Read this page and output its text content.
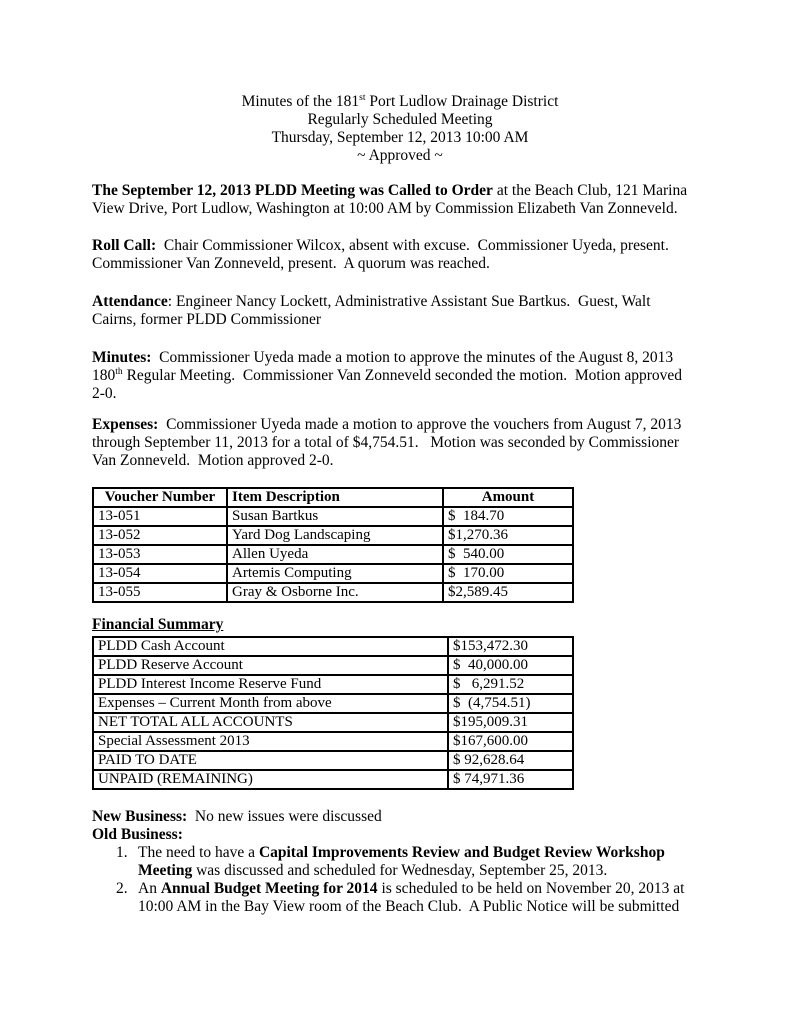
Minutes of the 181st Port Ludlow Drainage District
Regularly Scheduled Meeting
Thursday, September 12, 2013 10:00 AM
~ Approved ~
The September 12, 2013 PLDD Meeting was Called to Order at the Beach Club, 121 Marina
View Drive, Port Ludlow, Washington at 10:00 AM by Commission Elizabeth Van Zonneveld.
Roll Call:  Chair Commissioner Wilcox, absent with excuse.  Commissioner Uyeda, present.
Commissioner Van Zonneveld, present.  A quorum was reached.
Attendance: Engineer Nancy Lockett, Administrative Assistant Sue Bartkus.  Guest, Walt
Cairns, former PLDD Commissioner
Minutes:  Commissioner Uyeda made a motion to approve the minutes of the August 8, 2013
180th Regular Meeting.  Commissioner Van Zonneveld seconded the motion.  Motion approved
2-0.
Expenses:  Commissioner Uyeda made a motion to approve the vouchers from August 7, 2013
through September 11, 2013 for a total of $4,754.51.   Motion was seconded by Commissioner
Van Zonneveld.  Motion approved 2-0.
Voucher Number	Item Description	Amount
13-051	Susan Bartkus	$  184.70
13-052	Yard Dog Landscaping	$1,270.36
13-053	Allen Uyeda	$  540.00
13-054	Artemis Computing	$  170.00
13-055	Gray & Osborne Inc.	$2,589.45
Financial Summary
PLDD Cash Account	$153,472.30
PLDD Reserve Account	$  40,000.00
PLDD Interest Income Reserve Fund	$   6,291.52
Expenses – Current Month from above	$  (4,754.51)
NET TOTAL ALL ACCOUNTS	$195,009.31
Special Assessment 2013	$167,600.00
PAID TO DATE	$ 92,628.64
UNPAID (REMAINING)	$ 74,971.36
New Business:  No new issues were discussed
Old Business:
1. The need to have a Capital Improvements Review and Budget Review Workshop
Meeting was discussed and scheduled for Wednesday, September 25, 2013.
2. An Annual Budget Meeting for 2014 is scheduled to be held on November 20, 2013 at
10:00 AM in the Bay View room of the Beach Club.  A Public Notice will be submitted
